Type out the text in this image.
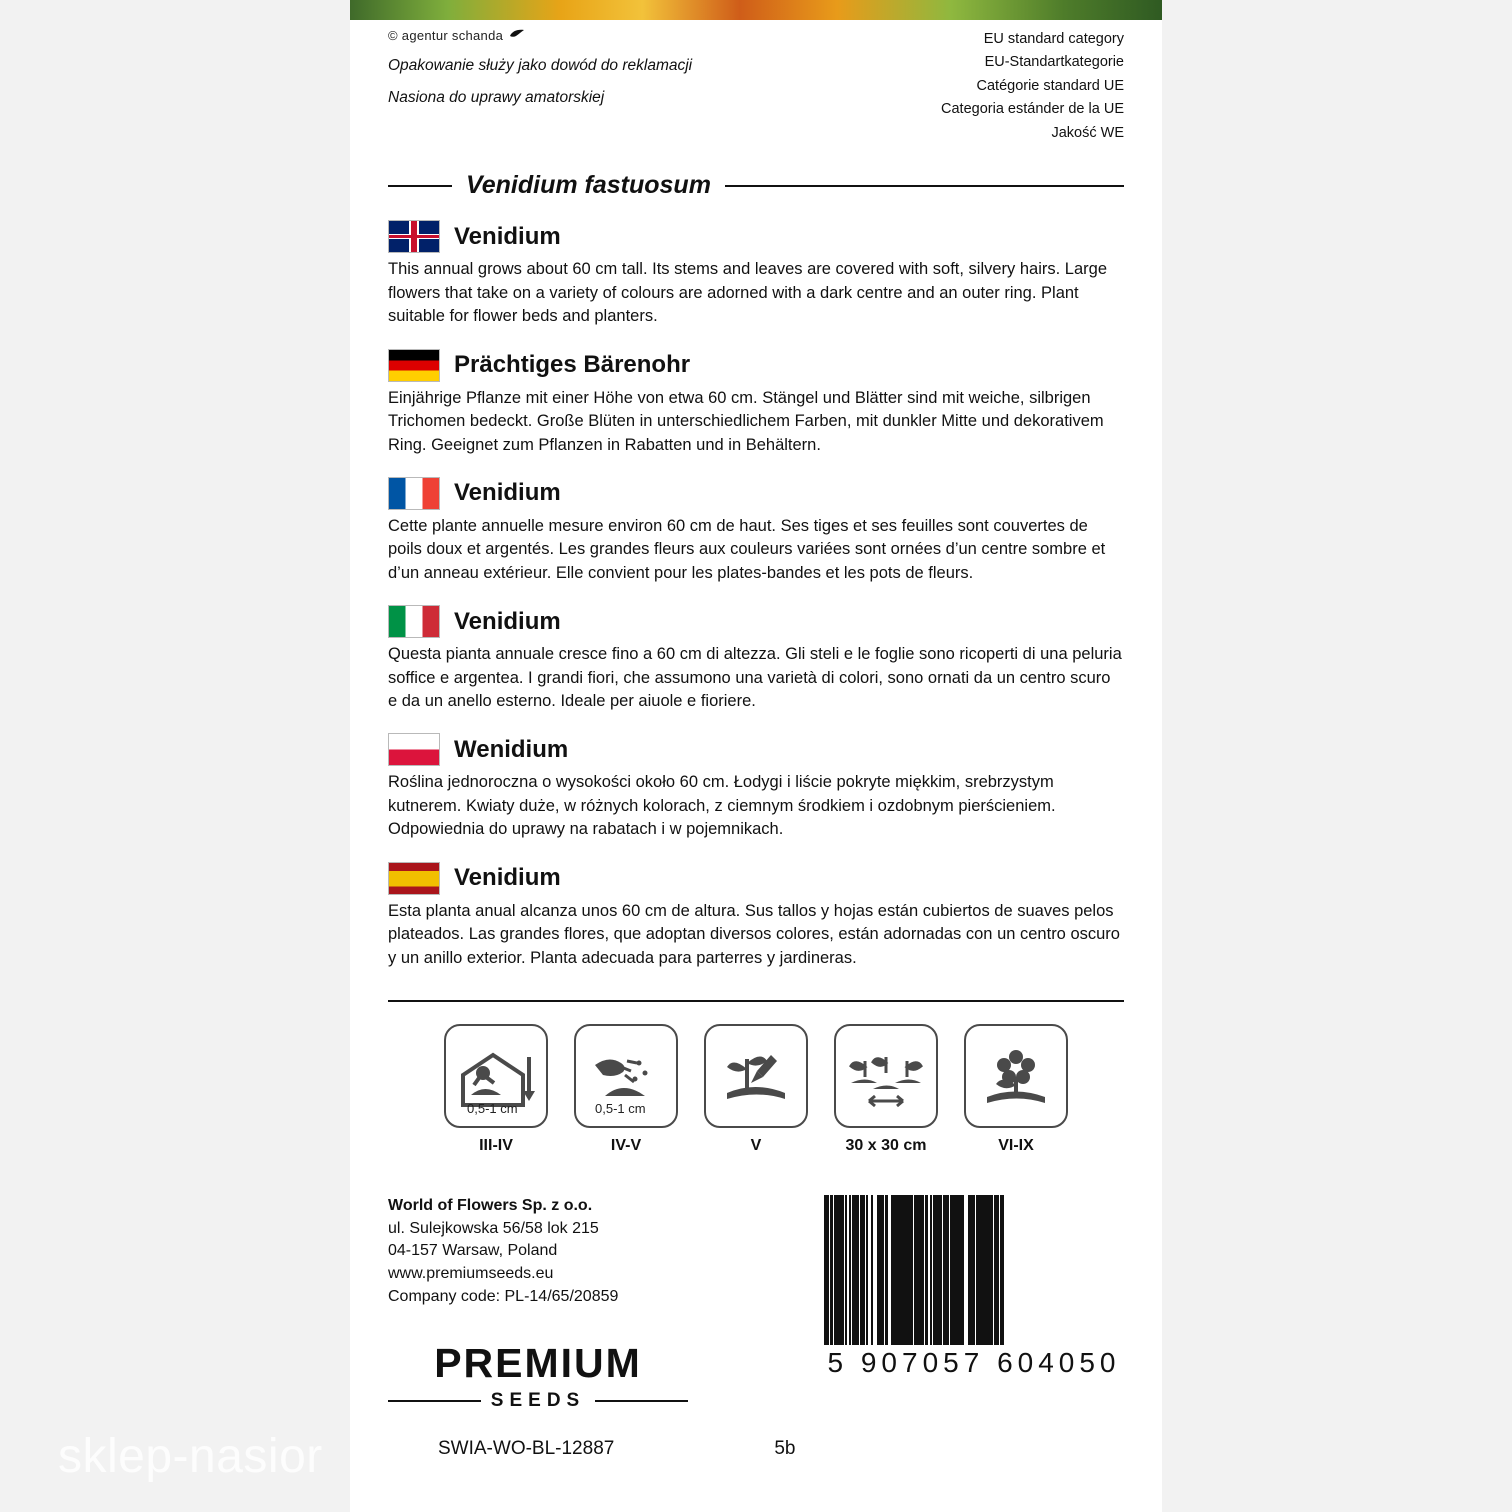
sklep-nasior
© agentur schanda
Opakowanie służy jako dowód do reklamacji
Nasiona do uprawy amatorskiej
EU standard category
EU-Standartkategorie
Catégorie standard UE
Categoria estánder de la UE
Jakość WE
Venidium fastuosum
Venidium
This annual grows about 60 cm tall. Its stems and leaves are covered with soft, silvery hairs. Large flowers that take on a variety of colours are adorned with a dark centre and an outer ring. Plant suitable for flower beds and planters.
Prächtiges Bärenohr
Einjährige Pflanze mit einer Höhe von etwa 60 cm. Stängel und Blätter sind mit weiche, silbrigen Trichomen bedeckt. Große Blüten in unterschiedlichem Farben, mit dunkler Mitte und dekorativem Ring. Geeignet zum Pflanzen in Rabatten und in Behältern.
Venidium
Cette plante annuelle mesure environ 60 cm de haut. Ses tiges et ses feuilles sont couvertes de poils doux et argentés. Les grandes fleurs aux couleurs variées sont ornées d’un centre sombre et d’un anneau extérieur. Elle convient pour les plates-bandes et les pots de fleurs.
Venidium
Questa pianta annuale cresce fino a 60 cm di altezza. Gli steli e le foglie sono ricoperti di una peluria soffice e argentea. I grandi fiori, che assumono una varietà di colori, sono ornati da un centro scuro e da un anello esterno. Ideale per aiuole e fioriere.
Wenidium
Roślina jednoroczna o wysokości około 60 cm. Łodygi i liście pokryte miękkim, srebrzystym kutnerem. Kwiaty duże, w różnych kolorach, z ciemnym środkiem i ozdobnym pierścieniem. Odpowiednia do uprawy na rabatach i w pojemnikach.
Venidium
Esta planta anual alcanza unos 60 cm de altura. Sus tallos y hojas están cubiertos de suaves pelos plateados. Las grandes flores, que adoptan diversos colores, están adornadas con un centro oscuro y un anillo exterior. Planta adecuada para parterres y jardineras.
0,5-1 cm
III-IV
0,5-1 cm
IV-V	V	30 x 30 cm	VI-IX
World of Flowers Sp. z o.o.
ul. Sulejkowska 56/58 lok 215
04-157 Warsaw, Poland
www.premiumseeds.eu
Company code: PL-14/65/20859
PREMIUM
SEEDS
5 907057 604050
SWIA-WO-BL-12887	5b
